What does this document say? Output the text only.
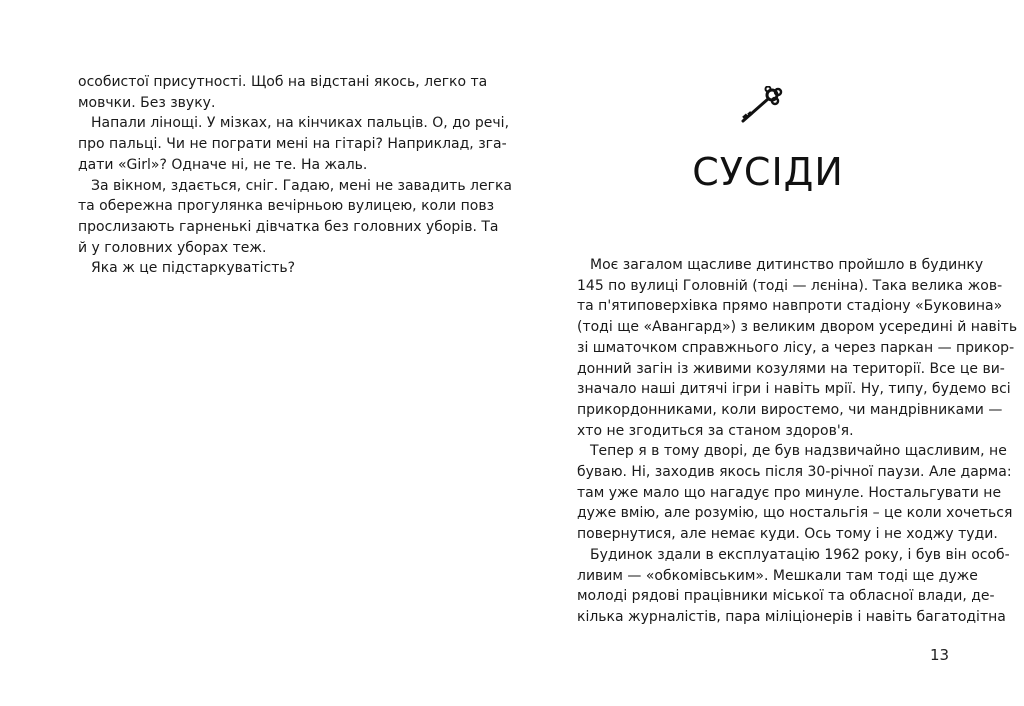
особистої присутності. Щоб на відстані якось, легко та

мовчки. Без звуку.

Напали лінощі. У мізках, на кінчиках пальців. О, до речі,

про пальці. Чи не пограти мені на гітарі? Наприклад, зга-

дати «Girl»? Одначе ні, не те. На жаль.

За вікном, здається, сніг. Гадаю, мені не завадить легка

та обережна прогулянка вечірньою вулицею, коли повз

прослизають гарненькі дівчатка без головних уборів. Та

й у головних уборах теж.

Яка ж це підстаркуватість?

СУСІДИ

Моє загалом щасливе дитинство пройшло в будинку

145 по вулиці Головній (тоді — лєніна). Така велика жов-

та п'ятиповерхівка прямо навпроти стадіону «Буковина»

(тоді ще «Авангард») з великим двором усередині й навіть

зі шматочком справжнього лісу, а через паркан — прикор-

донний загін із живими козулями на території. Все це ви-

значало наші дитячі ігри і навіть мрії. Ну, типу, будемо всі

прикордонниками, коли виростемо, чи мандрівниками —

хто не згодиться за станом здоров'я.

Тепер я в тому дворі, де був надзвичайно щасливим, не

буваю. Ні, заходив якось після 30-річної паузи. Але дарма:

там уже мало що нагадує про минуле. Ностальгувати не

дуже вмію, але розумію, що ностальгія – це коли хочеться

повернутися, але немає куди. Ось тому і не ходжу туди.

Будинок здали в експлуатацію 1962 року, і був він особ-

ливим — «обкомівським». Мешкали там тоді ще дуже

молоді рядові працівники міської та обласної влади, де-

кілька журналістів, пара міліціонерів і навіть багатодітна

13
